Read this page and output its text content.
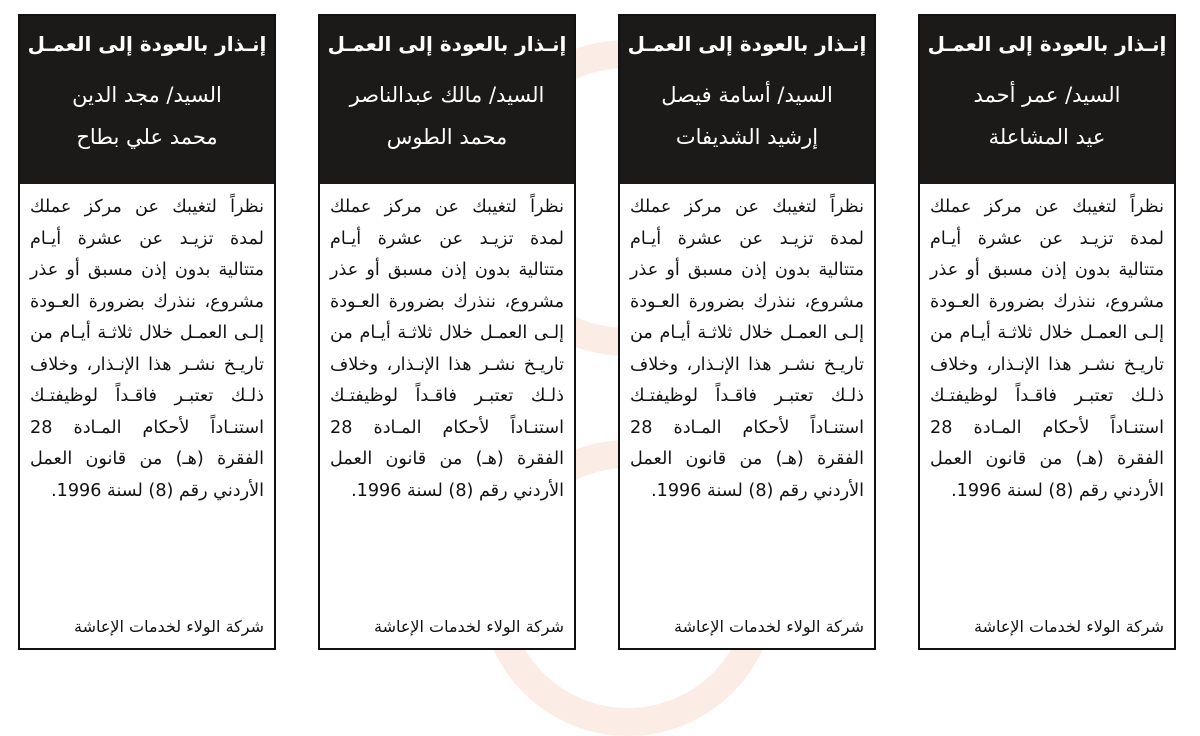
إنـذار بالعودة إلى العمـل
السيد/ عمر أحمد
عيد المشاعلة
نظراً لتغيبك عن مركز عملك لمدة تزيـد عن عشرة أيـام متتالية بدون إذن مسبق أو عذر مشروع، ننذرك بضرورة العـودة إلـى العمـل خلال ثلاثـة أيـام من تاريـخ نشـر هذا الإنـذار، وخلاف ذلـك تعتبـر فاقـداً لوظيفتـك استنـاداً لأحكام المـادة 28 الفقرة (هـ) من قانون العمل الأردني رقم (8) لسنة 1996.
شركة الولاء لخدمات الإعاشة
إنـذار بالعودة إلى العمـل
السيد/ أسامة فيصل
إرشيد الشديفات
نظراً لتغيبك عن مركز عملك لمدة تزيـد عن عشرة أيـام متتالية بدون إذن مسبق أو عذر مشروع، ننذرك بضرورة العـودة إلـى العمـل خلال ثلاثـة أيـام من تاريـخ نشـر هذا الإنـذار، وخلاف ذلـك تعتبـر فاقـداً لوظيفتـك استنـاداً لأحكام المـادة 28 الفقرة (هـ) من قانون العمل الأردني رقم (8) لسنة 1996.
شركة الولاء لخدمات الإعاشة
إنـذار بالعودة إلى العمـل
السيد/ مالك عبدالناصر
محمد الطوس
نظراً لتغيبك عن مركز عملك لمدة تزيـد عن عشرة أيـام متتالية بدون إذن مسبق أو عذر مشروع، ننذرك بضرورة العـودة إلـى العمـل خلال ثلاثـة أيـام من تاريـخ نشـر هذا الإنـذار، وخلاف ذلـك تعتبـر فاقـداً لوظيفتـك استنـاداً لأحكام المـادة 28 الفقرة (هـ) من قانون العمل الأردني رقم (8) لسنة 1996.
شركة الولاء لخدمات الإعاشة
إنـذار بالعودة إلى العمـل
السيد/ مجد الدين
محمد علي بطاح
نظراً لتغيبك عن مركز عملك لمدة تزيـد عن عشرة أيـام متتالية بدون إذن مسبق أو عذر مشروع، ننذرك بضرورة العـودة إلـى العمـل خلال ثلاثـة أيـام من تاريـخ نشـر هذا الإنـذار، وخلاف ذلـك تعتبـر فاقـداً لوظيفتـك استنـاداً لأحكام المـادة 28 الفقرة (هـ) من قانون العمل الأردني رقم (8) لسنة 1996.
شركة الولاء لخدمات الإعاشة
